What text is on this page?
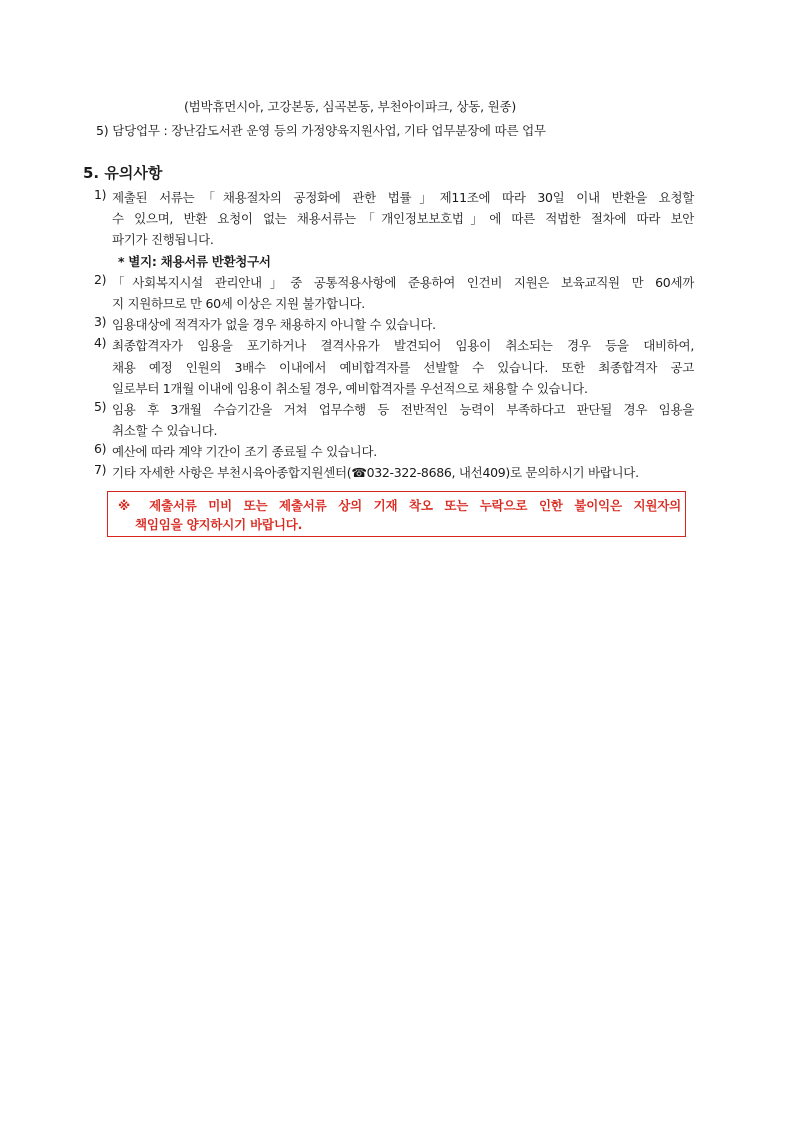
(범박휴먼시아, 고강본동, 심곡본동, 부천아이파크, 상동, 원종)
5) 담당업무 : 장난감도서관 운영 등의 가정양육지원사업, 기타 업무분장에 따른 업무
5. 유의사항
1) 제출된 서류는「채용절차의 공정화에 관한 법률」제11조에 따라 30일 이내 반환을 요청할
수 있으며, 반환 요청이 없는 채용서류는「개인정보보호법」에 따른 적법한 절차에 따라 보안
파기가 진행됩니다.
* 별지: 채용서류 반환청구서
2) 「사회복지시설 관리안내」중 공통적용사항에 준용하여 인건비 지원은 보육교직원 만 60세까
지 지원하므로 만 60세 이상은 지원 불가합니다.
3) 임용대상에 적격자가 없을 경우 채용하지 아니할 수 있습니다.
4) 최종합격자가 임용을 포기하거나 결격사유가 발견되어 임용이 취소되는 경우 등을 대비하여,
채용 예정 인원의 3배수 이내에서 예비합격자를 선발할 수 있습니다. 또한 최종합격자 공고
일로부터 1개월 이내에 임용이 취소될 경우, 예비합격자를 우선적으로 채용할 수 있습니다.
5) 임용 후 3개월 수습기간을 거쳐 업무수행 등 전반적인 능력이 부족하다고 판단될 경우 임용을
취소할 수 있습니다.
6) 예산에 따라 계약 기간이 조기 종료될 수 있습니다.
7) 기타 자세한 사항은 부천시육아종합지원센터(☎032-322-8686, 내선409)로 문의하시기 바랍니다.
※ 제출서류 미비 또는 제출서류 상의 기재 착오 또는 누락으로 인한 불이익은 지원자의
책임임을 양지하시기 바랍니다.
